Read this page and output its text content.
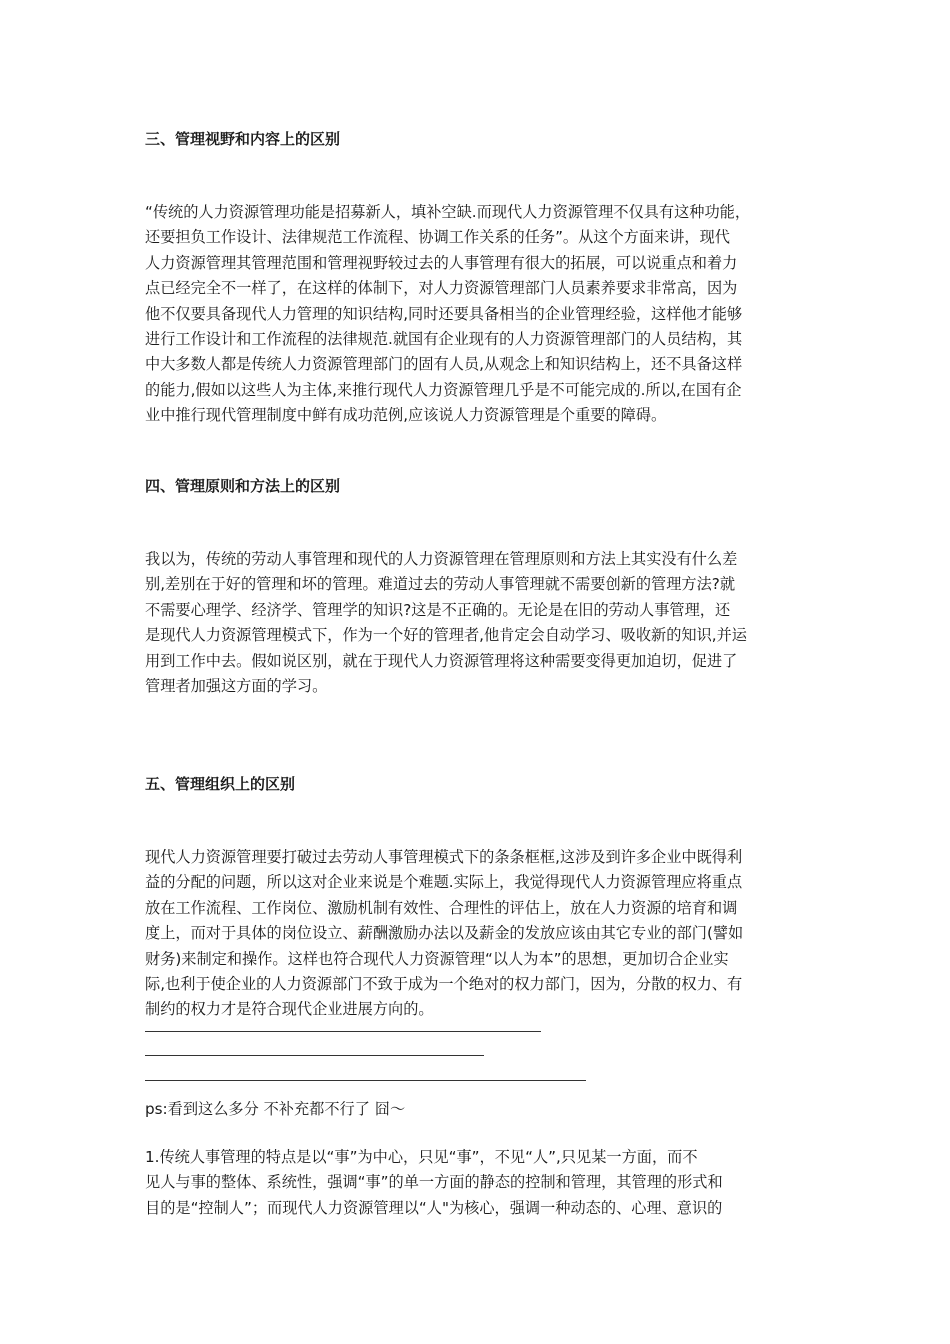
三、管理视野和内容上的区别

“传统的人力资源管理功能是招募新人，填补空缺.而现代人力资源管理不仅具有这种功能，
还要担负工作设计、法律规范工作流程、协调工作关系的任务”。从这个方面来讲，现代
人力资源管理其管理范围和管理视野较过去的人事管理有很大的拓展，可以说重点和着力
点已经完全不一样了，在这样的体制下，对人力资源管理部门人员素养要求非常高，因为
他不仅要具备现代人力管理的知识结构,同时还要具备相当的企业管理经验，这样他才能够
进行工作设计和工作流程的法律规范.就国有企业现有的人力资源管理部门的人员结构，其
中大多数人都是传统人力资源管理部门的固有人员,从观念上和知识结构上，还不具备这样
的能力,假如以这些人为主体,来推行现代人力资源管理几乎是不可能完成的.所以,在国有企
业中推行现代管理制度中鲜有成功范例,应该说人力资源管理是个重要的障碍。

四、管理原则和方法上的区别

我以为，传统的劳动人事管理和现代的人力资源管理在管理原则和方法上其实没有什么差
别,差别在于好的管理和坏的管理。难道过去的劳动人事管理就不需要创新的管理方法?就
不需要心理学、经济学、管理学的知识?这是不正确的。无论是在旧的劳动人事管理，还
是现代人力资源管理模式下，作为一个好的管理者,他肯定会自动学习、吸收新的知识,并运
用到工作中去。假如说区别，就在于现代人力资源管理将这种需要变得更加迫切，促进了
管理者加强这方面的学习。

五、管理组织上的区别

现代人力资源管理要打破过去劳动人事管理模式下的条条框框,这涉及到许多企业中既得利
益的分配的问题，所以这对企业来说是个难题.实际上，我觉得现代人力资源管理应将重点
放在工作流程、工作岗位、激励机制有效性、合理性的评估上，放在人力资源的培育和调
度上，而对于具体的岗位设立、薪酬激励办法以及薪金的发放应该由其它专业的部门(譬如
财务)来制定和操作。这样也符合现代人力资源管理“以人为本”的思想，更加切合企业实
际,也利于使企业的人力资源部门不致于成为一个绝对的权力部门，因为，分散的权力、有
制约的权力才是符合现代企业进展方向的。

ps:看到这么多分 不补充都不行了 囧～

1.传统人事管理的特点是以“事”为中心，只见“事”，不见“人”,只见某一方面，而不
见人与事的整体、系统性，强调“事”的单一方面的静态的控制和管理，其管理的形式和
目的是“控制人”；而现代人力资源管理以“人"为核心，强调一种动态的、心理、意识的
